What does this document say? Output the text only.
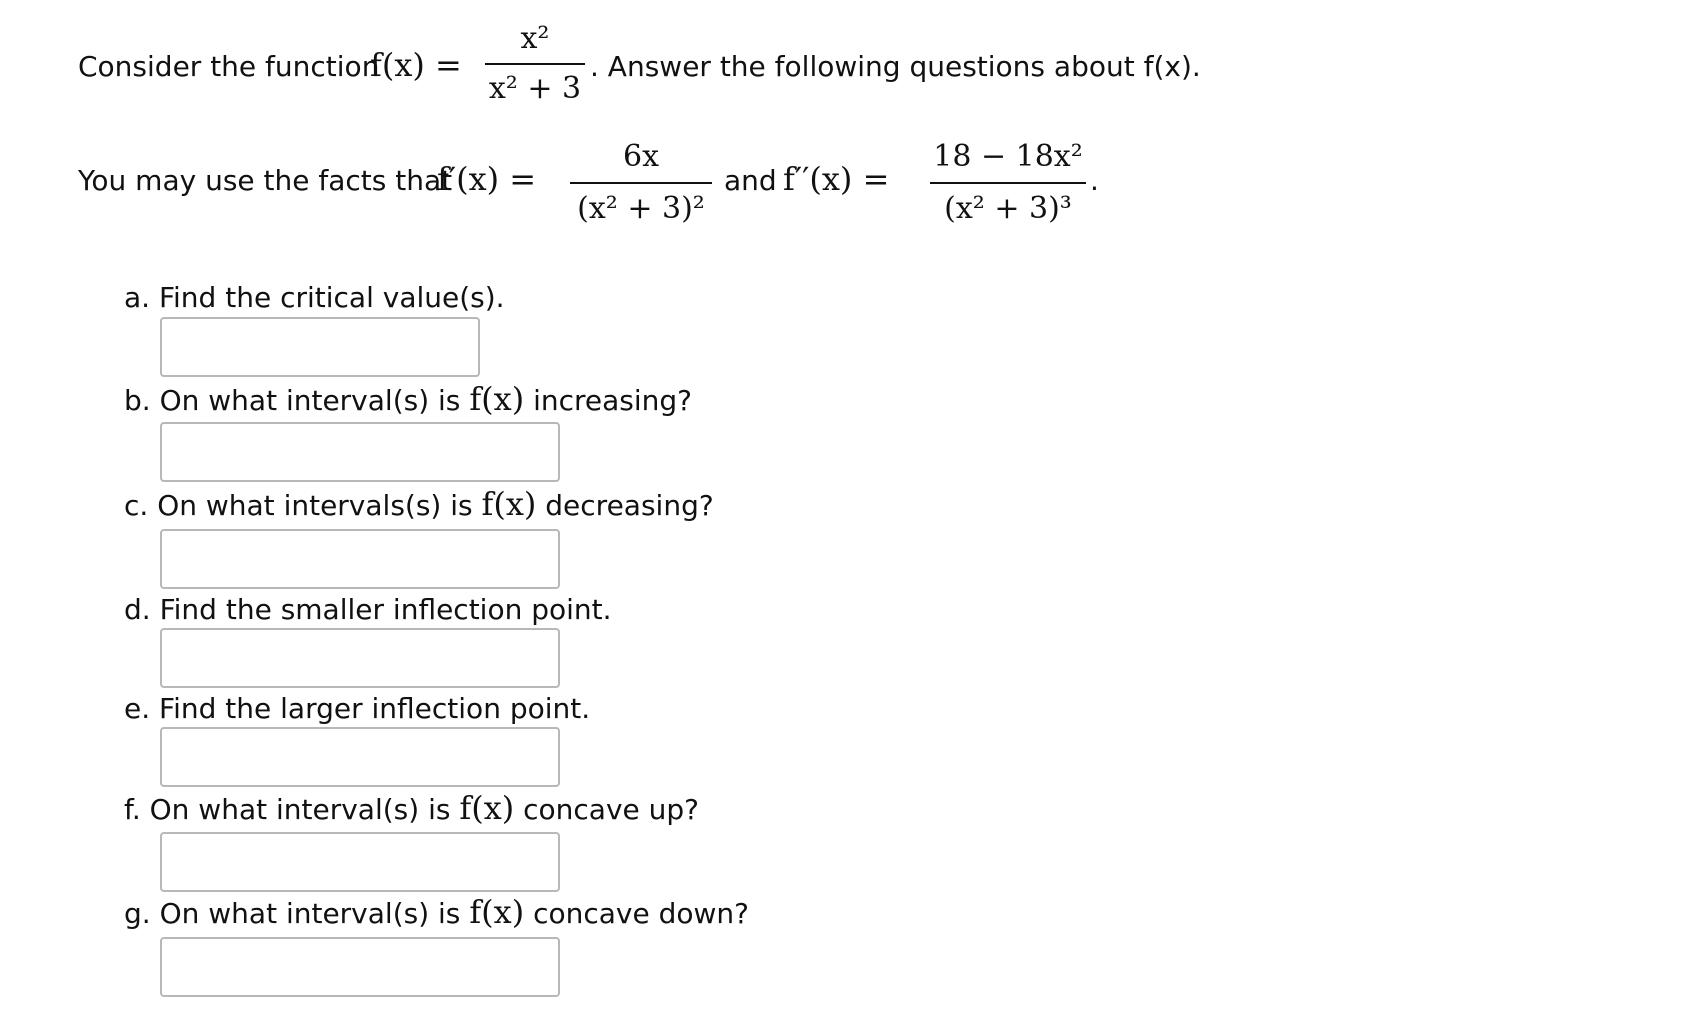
Consider the function
f(x) =
x²
x² + 3
. Answer the following questions about f(x).
You may use the facts that
f′(x) =
6x
(x² + 3)²
and f′′(x) =
18 − 18x²
(x² + 3)³
.
a. Find the critical value(s).
b. On what interval(s) is f(x) increasing?
c. On what intervals(s) is f(x) decreasing?
d. Find the smaller inflection point.
e. Find the larger inflection point.
f. On what interval(s) is f(x) concave up?
g. On what interval(s) is f(x) concave down?
